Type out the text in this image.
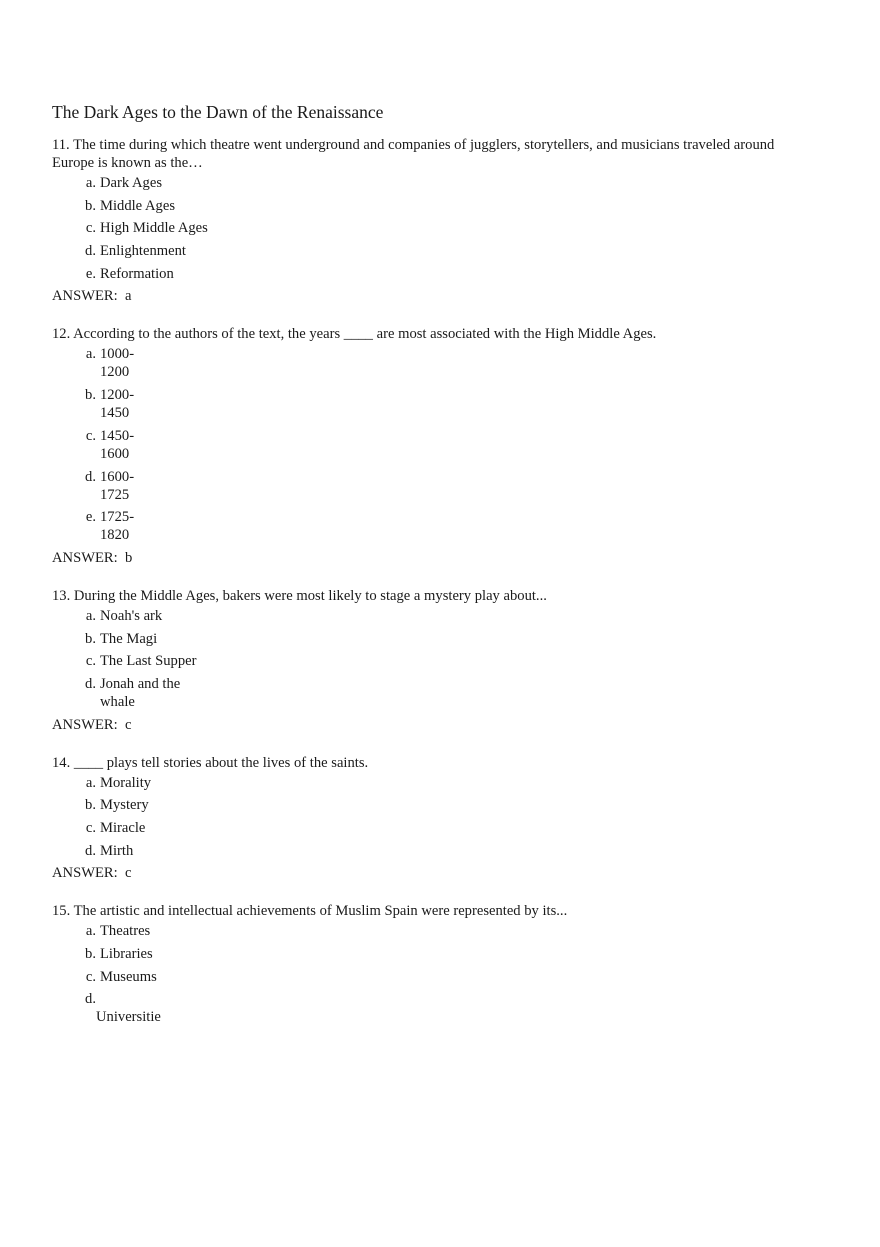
The Dark Ages to the Dawn of the Renaissance

11. The time during which theatre went underground and companies of jugglers, storytellers, and musicians traveled around Europe is known as the…

a. Dark Ages
b. Middle Ages
c. High Middle Ages
d. Enlightenment
e. Reformation

ANSWER: a

12. According to the authors of the text, the years ____ are most associated with the High Middle Ages.

a. 1000-1200
b. 1200-1450
c. 1450-1600
d. 1600-1725
e. 1725-1820

ANSWER: b

13. During the Middle Ages, bakers were most likely to stage a mystery play about...

a. Noah's ark
b. The Magi
c. The Last Supper
d. Jonah and the whale

ANSWER: c

14. ____ plays tell stories about the lives of the saints.

a. Morality
b. Mystery
c. Miracle
d. Mirth

ANSWER: c

15. The artistic and intellectual achievements of Muslim Spain were represented by its...

a. Theatres
b. Libraries
c. Museums
d.
Universitie
